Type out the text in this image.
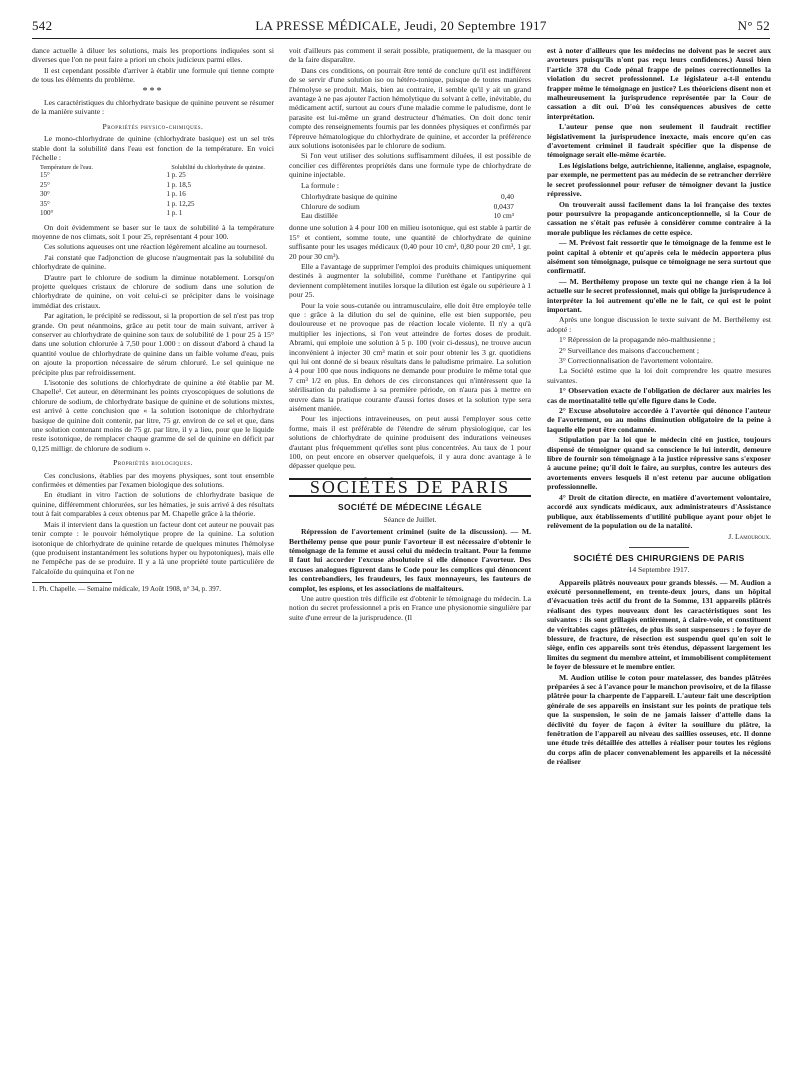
542	LA PRESSE MÉDICALE, Jeudi, 20 Septembre 1917	N° 52

dance actuelle à diluer les solutions, mais les proportions indiquées sont si diverses que l'on ne peut faire a priori un choix judicieux parmi elles.

Il est cependant possible d'arriver à établir une formule qui tienne compte de tous les éléments du problème.

***

Les caractéristiques du chlorhydrate basique de quinine peuvent se résumer de la manière suivante :

Propriétés physico-chimiques.

Le mono-chlorhydrate de quinine (chlorhydrate basique) est un sel très stable dont la solubilité dans l'eau est fonction de la température. En voici l'échelle :

Température de l'eau.	Solubilité du chlorhydrate de quinine.
15°	1 p. 25
25°	1 p. 18,5
30°	1 p. 16
35°	1 p. 12,25
100°	1 p. 1

On doit évidemment se baser sur le taux de solubilité à la température moyenne de nos climats, soit 1 pour 25, représentant 4 pour 100.

Ces solutions aqueuses ont une réaction légèrement alcaline au tournesol.

J'ai constaté que l'adjonction de glucose n'augmentait pas la solubilité du chlorhydrate de quinine.

D'autre part le chlorure de sodium la diminue notablement. Lorsqu'on projette quelques cristaux de chlorure de sodium dans une solution de chlorhydrate de quinine, on voit celui-ci se précipiter dans le voisinage immédiat des cristaux.

Par agitation, le précipité se redissout, si la proportion de sel n'est pas trop grande. On peut néanmoins, grâce au petit tour de main suivant, arriver à conserver au chlorhydrate de quinine son taux de solubilité de 1 pour 25 à 15° dans une solution chlorurée à 7,50 pour 1.000 : on dissout d'abord à chaud la quantité voulue de chlorhydrate de quinine dans un faible volume d'eau, puis on ajoute la proportion nécessaire de sérum chloruré. Le sel quinique ne précipite plus par refroidissement.

L'isotonie des solutions de chlorhydrate de quinine a été établie par M. Chapelle¹. Cet auteur, en déterminant les points cryoscopiques de solutions de chlorure de sodium, de chlorhydrate basique de quinine et de solutions mixtes, est arrivé à cette conclusion que « la solution isotonique de chlorhydrate basique de quinine doit contenir, par litre, 75 gr. environ de ce sel et que, dans une solution contenant moins de 75 gr. par litre, il y a lieu, pour que le liquide reste isotonique, de remplacer chaque gramme de sel de quinine en déficit par 0,125 milligr. de chlorure de sodium ».

Propriétés biologiques.

Ces conclusions, établies par des moyens physiques, sont tout ensemble confirmées et démenties par l'examen biologique des solutions.

En étudiant in vitro l'action de solutions de chlorhydrate basique de quinine, différemment chlorurées, sur les hématies, je suis arrivé à des résultats tout à fait comparables à ceux obtenus par M. Chapelle grâce à la théorie.

Mais il intervient dans la question un facteur dont cet auteur ne pouvait pas tenir compte : le pouvoir hémolytique propre de la quinine. La solution isotonique de chlorhydrate de quinine retarde de quelques minutes l'hémolyse (que produisent instantanément les solutions hyper ou hypotoniques), mais elle ne l'empêche pas de se produire. Il y a là une propriété toute particulière de l'alcaloïde du quinquina et l'on ne

1. Ph. Chapelle. — Semaine médicale, 19 Août 1908, n° 34, p. 397.

voit d'ailleurs pas comment il serait possible, pratiquement, de la masquer ou de la faire disparaître.

Dans ces conditions, on pourrait être tenté de conclure qu'il est indifférent de se servir d'une solution iso ou hétéro-tonique, puisque de toutes manières l'hémolyse se produit. Mais, bien au contraire, il semble qu'il y ait un grand avantage à ne pas ajouter l'action hémolytique du solvant à celle, inévitable, du médicament actif, surtout au cours d'une maladie comme le paludisme, dont le parasite est lui-même un grand destructeur d'hématies. On doit donc tenir compte des renseignements fournis par les données physiques et confirmés par l'épreuve hématologique du chlorhydrate de quinine, et accorder la préférence aux solutions isotonisées par le chlorure de sodium.

Si l'on veut utiliser des solutions suffisamment diluées, il est possible de concilier ces différentes propriétés dans une formule type de chlorhydrate de quinine injectable.

La formule :

Chlorhydrate basique de quinine	0,40
Chlorure de sodium	0,0437
Eau distillée	10 cm³

donne une solution à 4 pour 100 en milieu isotonique, qui est stable à partir de 15° et contient, somme toute, une quantité de chlorhydrate de quinine suffisante pour les usages médicaux (0,40 pour 10 cm³, 0,80 pour 20 cm³, 1 gr. 20 pour 30 cm³).

Elle a l'avantage de supprimer l'emploi des produits chimiques uniquement destinés à augmenter la solubilité, comme l'uréthane et l'antipyrine qui deviennent complètement inutiles lorsque la dilution est égale ou supérieure à 1 pour 25.

Pour la voie sous-cutanée ou intramusculaire, elle doit être employée telle que : grâce à la dilution du sel de quinine, elle est bien supportée, peu douloureuse et ne provoque pas de réaction locale violente. Il n'y a qu'à multiplier les injections, si l'on veut atteindre de fortes doses de produit. Abrami, qui emploie une solution à 5 p. 100 (voir ci-dessus), ne trouve aucun inconvénient à injecter 30 cm³ matin et soir pour obtenir les 3 gr. quotidiens qui lui ont donné de si beaux résultats dans le paludisme primaire. La solution à 4 pour 100 que nous indiquons ne demande pour produire le même total que 7 cm³ 1/2 en plus. En dehors de ces circonstances qui n'intéressent que la stérilisation du paludisme à sa première période, on n'aura pas à mettre en œuvre dans la pratique courante d'aussi fortes doses et la solution type sera aisément maniée.

Pour les injections intraveineuses, on peut aussi l'employer sous cette forme, mais il est préférable de l'étendre de sérum physiologique, car les solutions de chlorhydrate de quinine produisent des indurations veineuses d'autant plus fréquemment qu'elles sont plus concentrées. Au taux de 1 pour 100, on peut encore en observer quelquefois, il y aura donc avantage à le dépasser quelque peu.

SOCIÉTÉS DE PARIS
SOCIÉTÉ DE MÉDECINE LÉGALE
Séance de Juillet.

Répression de l'avortement criminel (suite de la discussion). — M. Berthélemy pense que pour punir l'avorteur il est nécessaire d'obtenir le témoignage de la femme et aussi celui du médecin traitant. Pour la femme il faut lui accorder l'excuse absolutoire si elle dénonce l'avorteur. Des excuses analogues figurent dans le Code pour les complices qui dénoncent les contrebandiers, les fraudeurs, les faux monnayeurs, les fauteurs de complot, les espions, et les associations de malfaiteurs.

Une autre question très difficile est d'obtenir le témoignage du médecin. La notion du secret professionnel a pris en France une physionomie singulière par suite d'une erreur de la jurisprudence. (Il

est à noter d'ailleurs que les médecins ne doivent pas le secret aux avorteurs puisqu'ils n'ont pas reçu leurs confidences.) Aussi bien l'article 378 du Code pénal frappe de peines correctionnelles la violation du secret professionnel. Le législateur a-t-il entendu frapper même le témoignage en justice? Les théoriciens disent non et malheureusement la jurisprudence représentée par la Cour de cassation a dit oui. D'où les conséquences abusives de cette interprétation.

L'auteur pense que non seulement il faudrait rectifier législativement la jurisprudence inexacte, mais encore qu'en cas d'avortement criminel il faudrait spécifier que la dispense de témoignage serait elle-même écartée.

Les législations belge, autrichienne, italienne, anglaise, espagnole, par exemple, ne permettent pas au médecin de se retrancher derrière le secret professionnel pour refuser de témoigner devant la justice répressive.

On trouverait aussi facilement dans la loi française des textes pour poursuivre la propagande anticonceptionnelle, si la Cour de cassation ne s'était pas refusée à considérer comme contraire à la morale publique les réclames de cette espèce.

— M. Prévost fait ressortir que le témoignage de la femme est le point capital à obtenir et qu'après cela le médecin apportera plus aisément son témoignage, puisque ce témoignage ne sera surtout que confirmatif.

— M. Berthélemy propose un texte qui ne change rien à la loi actuelle sur le secret professionnel, mais qui oblige la jurisprudence à interpréter la loi autrement qu'elle ne le fait, ce qui est le point important.

Après une longue discussion le texte suivant de M. Berthélemy est adopté :

1° Répression de la propagande néo-malthusienne ;

2° Surveillance des maisons d'accouchement ;

3° Correctionnalisation de l'avortement volontaire.

La Société estime que la loi doit comprendre les quatre mesures suivantes.

1° Observation exacte de l'obligation de déclarer aux mairies les cas de mortinatalité telle qu'elle figure dans le Code.

2° Excuse absolutoire accordée à l'avortée qui dénonce l'auteur de l'avortement, ou au moins diminution obligatoire de la peine à laquelle elle peut être condamnée.

Stipulation par la loi que le médecin cité en justice, toujours dispensé de témoigner quand sa conscience le lui interdit, demeure libre de fournir son témoignage à la justice répressive sans s'exposer à aucune peine; qu'il doit le faire, au surplus, contre les auteurs des avortements envers lesquels il n'est retenu par aucune obligation professionnelle.

4° Droit de citation directe, en matière d'avortement volontaire, accordé aux syndicats médicaux, aux administrateurs d'Assistance publique, aux établissements d'utilité publique ayant pour objet le relèvement de la population ou de la natalité.

J. Lamouroux.
SOCIÉTÉ DES CHIRURGIENS DE PARIS
14 Septembre 1917.

Appareils plâtrés nouveaux pour grands blessés. — M. Audion a exécuté personnellement, en trente-deux jours, dans un hôpital d'évacuation très actif du front de la Somme, 131 appareils plâtrés réalisant des types nouveaux dont les caractéristiques sont les suivantes : ils sont grillagés entièrement, à claire-voie, et constituent de véritables cages plâtrées, de plus ils sont suspenseurs : le foyer de blessure, de fracture, de résection est suspendu quel qu'en soit le siège, enfin ces appareils sont très étendus, dépassent largement les limites du segment du membre atteint, et immobilisent complètement le foyer de blessure et le membre entier.

M. Audion utilise le coton pour matelasser, des bandes plâtrées préparées à sec à l'avance pour le manchon provisoire, et de la filasse plâtrée pour la charpente de l'appareil. L'auteur fait une description générale de ses appareils en insistant sur les points de pratique tels que la suspension, le soin de ne jamais laisser d'attelle dans la déclivité du foyer de façon à éviter la souillure du plâtre, la fenêtration de l'appareil au niveau des saillies osseuses, etc. Il donne une étude très détaillée des attelles à réaliser pour toutes les régions du corps afin de placer convenablement les appareils et la nécessité de réaliser
